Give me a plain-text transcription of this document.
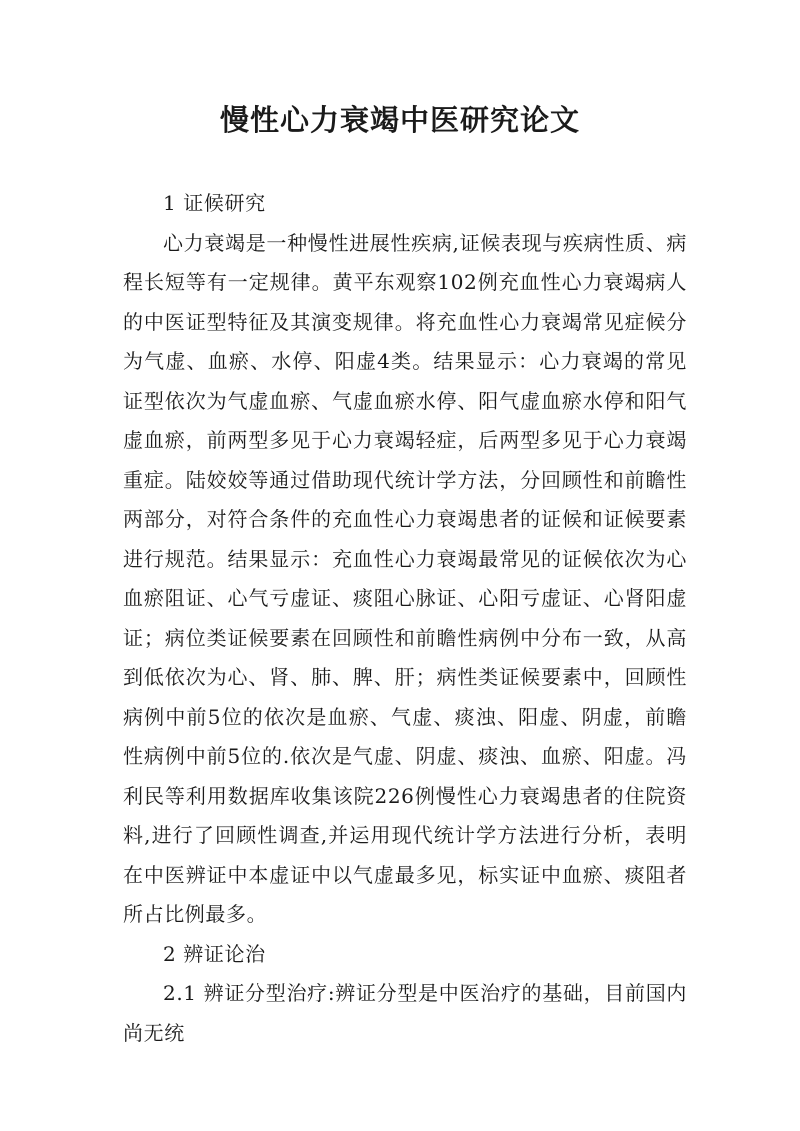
慢性心力衰竭中医研究论文

1 证候研究

心力衰竭是一种慢性进展性疾病,证候表现与疾病性质、病程长短等有一定规律。黄平东观察102例充血性心力衰竭病人的中医证型特征及其演变规律。将充血性心力衰竭常见症候分为气虚、血瘀、水停、阳虚4类。结果显示：心力衰竭的常见证型依次为气虚血瘀、气虚血瘀水停、阳气虚血瘀水停和阳气虚血瘀，前两型多见于心力衰竭轻症，后两型多见于心力衰竭重症。陆姣姣等通过借助现代统计学方法，分回顾性和前瞻性两部分，对符合条件的充血性心力衰竭患者的证候和证候要素进行规范。结果显示：充血性心力衰竭最常见的证候依次为心血瘀阻证、心气亏虚证、痰阻心脉证、心阳亏虚证、心肾阳虚证；病位类证候要素在回顾性和前瞻性病例中分布一致，从高到低依次为心、肾、肺、脾、肝；病性类证候要素中，回顾性病例中前5位的依次是血瘀、气虚、痰浊、阳虚、阴虚，前瞻性病例中前5位的.依次是气虚、阴虚、痰浊、血瘀、阳虚。冯利民等利用数据库收集该院226例慢性心力衰竭患者的住院资料,进行了回顾性调查,并运用现代统计学方法进行分析，表明在中医辨证中本虚证中以气虚最多见，标实证中血瘀、痰阻者所占比例最多。

2 辨证论治

2.1 辨证分型治疗:辨证分型是中医治疗的基础，目前国内尚无统
